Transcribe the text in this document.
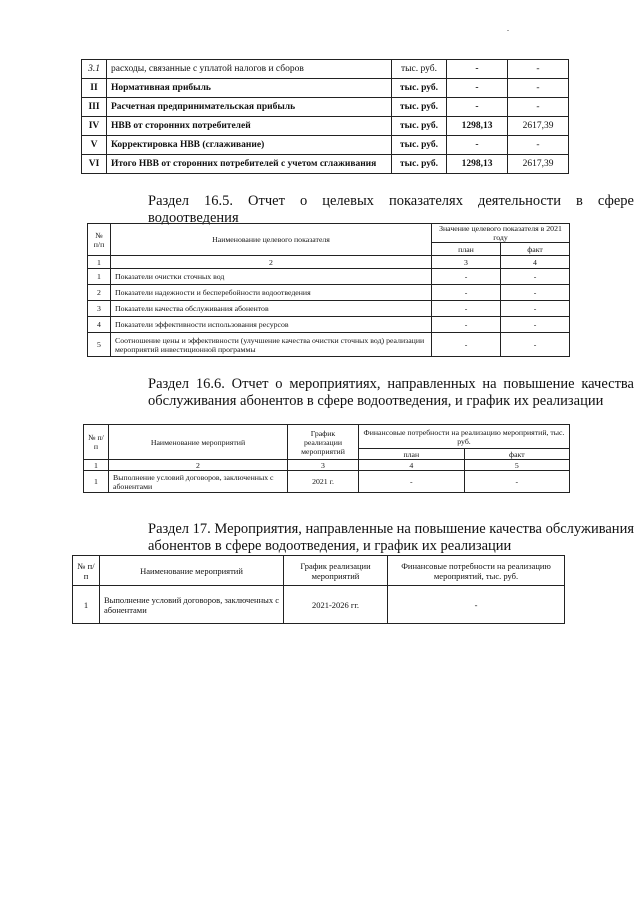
.
3.1	расходы, связанные с уплатой налогов и сборов	тыс. руб.	-	-
II	Нормативная прибыль	тыс. руб.	-	-
III	Расчетная предпринимательская прибыль	тыс. руб.	-	-
IV	НВВ от сторонних потребителей	тыс. руб.	1298,13	2617,39
V	Корректировка НВВ (сглаживание)	тыс. руб.	-	-
VI	Итого НВВ от сторонних потребителей с учетом сглаживания	тыс. руб.	1298,13	2617,39
Раздел 16.5. Отчет о целевых показателях деятельности в сфере водоотведения
№ п/п	Наименование целевого показателя	Значение целевого показателя в 2021 году	
		план	факт
1	2	3	4
1	Показатели очистки сточных вод	-	-
2	Показатели надежности и бесперебойности водоотведения	-	-
3	Показатели качества обслуживания абонентов	-	-
4	Показатели эффективности использования ресурсов	-	-
5	Соотношение цены и эффективности (улучшение качества очистки сточных вод) реализации мероприятий инвестиционной программы	-	-
Раздел 16.6. Отчет о мероприятиях, направленных на повышение качества обслуживания абонентов в сфере водоотведения, и график их реализации
№ п/п	Наименование мероприятий	График реализации мероприятий	Финансовые потребности на реализацию мероприятий, тыс. руб.	
			план	факт
1	2	3	4	5
1	Выполнение условий договоров, заключенных с абонентами	2021 г.	-	-
Раздел 17. Мероприятия, направленные на повышение качества обслуживания абонентов в сфере водоотведения, и график их реализации
№ п/п	Наименование мероприятий	График реализации мероприятий	Финансовые потребности на реализацию мероприятий, тыс. руб.
1	Выполнение условий договоров, заключенных с абонентами	2021-2026 гг.	-
